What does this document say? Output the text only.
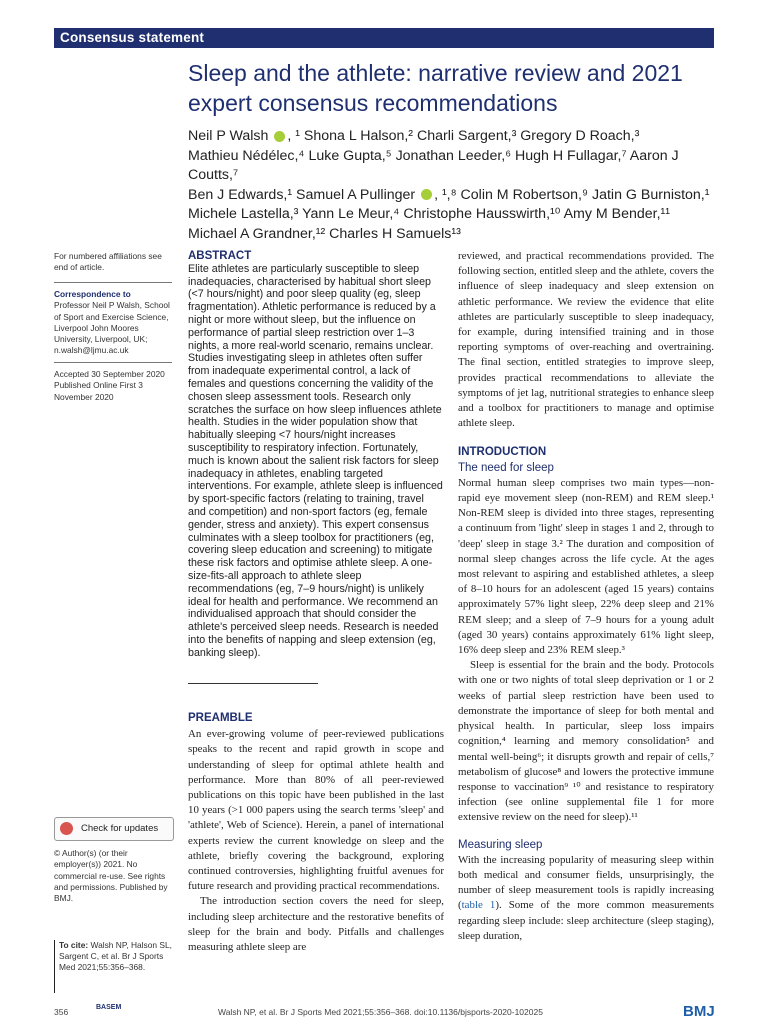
Consensus statement
Sleep and the athlete: narrative review and 2021
expert consensus recommendations
Neil P Walsh , ¹ Shona L Halson,² Charli Sargent,³ Gregory D Roach,³
Mathieu Nédélec,⁴ Luke Gupta,⁵ Jonathan Leeder,⁶ Hugh H Fullagar,⁷ Aaron J Coutts,⁷
Ben J Edwards,¹ Samuel A Pullinger , ¹,⁸ Colin M Robertson,⁹ Jatin G Burniston,¹
Michele Lastella,³ Yann Le Meur,⁴ Christophe Hausswirth,¹⁰ Amy M Bender,¹¹
Michael A Grandner,¹² Charles H Samuels¹³
For numbered affiliations see end of article.
Correspondence to
Professor Neil P Walsh, School of Sport and Exercise Science, Liverpool John Moores University, Liverpool, UK; n.walsh@ljmu.ac.uk
Accepted 30 September 2020 Published Online First 3 November 2020
Check for updates
© Author(s) (or their employer(s)) 2021. No commercial re-use. See rights and permissions. Published by BMJ.
To cite: Walsh NP, Halson SL, Sargent C, et al. Br J Sports Med 2021;55:356–368.
ABSTRACT
Elite athletes are particularly susceptible to sleep inadequacies, characterised by habitual short sleep (<7 hours/night) and poor sleep quality (eg, sleep fragmentation). Athletic performance is reduced by a night or more without sleep, but the influence on performance of partial sleep restriction over 1–3 nights, a more real-world scenario, remains unclear. Studies investigating sleep in athletes often suffer from inadequate experimental control, a lack of females and questions concerning the validity of the chosen sleep assessment tools. Research only scratches the surface on how sleep influences athlete health. Studies in the wider population show that habitually sleeping <7 hours/night increases susceptibility to respiratory infection. Fortunately, much is known about the salient risk factors for sleep inadequacy in athletes, enabling targeted interventions. For example, athlete sleep is influenced by sport-specific factors (relating to training, travel and competition) and non-sport factors (eg, female gender, stress and anxiety). This expert consensus culminates with a sleep toolbox for practitioners (eg, covering sleep education and screening) to mitigate these risk factors and optimise athlete sleep. A one-size-fits-all approach to athlete sleep recommendations (eg, 7–9 hours/night) is unlikely ideal for health and performance. We recommend an individualised approach that should consider the athlete's perceived sleep needs. Research is needed into the benefits of napping and sleep extension (eg, banking sleep).
PREAMBLE

An ever-growing volume of peer-reviewed publications speaks to the recent and rapid growth in scope and understanding of sleep for optimal athlete health and performance. More than 80% of all peer-reviewed publications on this topic have been published in the last 10 years (>1 000 papers using the search terms 'sleep' and 'athlete', Web of Science). Herein, a panel of international experts review the current knowledge on sleep and the athlete, briefly covering the background, exploring continued controversies, highlighting fruitful avenues for future research and providing practical recommendations.

The introduction section covers the need for sleep, including sleep architecture and the restorative benefits of sleep for the brain and body. Pitfalls and challenges measuring athlete sleep are

reviewed, and practical recommendations provided. The following section, entitled sleep and the athlete, covers the influence of sleep inadequacy and sleep extension on athletic performance. We review the evidence that elite athletes are particularly susceptible to sleep inadequacy, for example, during intensified training and in those reporting symptoms of over-reaching and overtraining. The final section, entitled strategies to improve sleep, provides practical recommendations to alleviate the symptoms of jet lag, nutritional strategies to enhance sleep and a toolbox for practitioners to manage and optimise athlete sleep.

INTRODUCTION
The need for sleep

Normal human sleep comprises two main types—non-rapid eye movement sleep (non-REM) and REM sleep.¹ Non-REM sleep is divided into three stages, representing a continuum from 'light' sleep in stages 1 and 2, through to 'deep' sleep in stage 3.² The duration and composition of normal sleep changes across the life cycle. At the ages most relevant to aspiring and established athletes, a sleep of 8–10 hours for an adolescent (aged 15 years) contains approximately 57% light sleep, 22% deep sleep and 21% REM sleep; and a sleep of 7–9 hours for a young adult (aged 30 years) contains approximately 61% light sleep, 16% deep sleep and 23% REM sleep.³

Sleep is essential for the brain and the body. Protocols with one or two nights of total sleep deprivation or 1 or 2 weeks of partial sleep restriction have been used to demonstrate the importance of sleep for both mental and physical health. In particular, sleep loss impairs cognition,⁴ learning and memory consolidation⁵ and mental well-being⁶; it disrupts growth and repair of cells,⁷ metabolism of glucose⁸ and lowers the protective immune response to vaccination⁹ ¹⁰ and resistance to respiratory infection (see online supplemental file 1 for more extensive review on the need for sleep).¹¹

Measuring sleep

With the increasing popularity of measuring sleep within both medical and consumer fields, unsurprisingly, the number of sleep measurement tools is rapidly increasing (table 1). Some of the more common measurements regarding sleep include: sleep architecture (sleep staging), sleep duration,

356	BASEM	Walsh NP, et al. Br J Sports Med 2021;55:356–368. doi:10.1136/bjsports-2020-102025	BMJ
